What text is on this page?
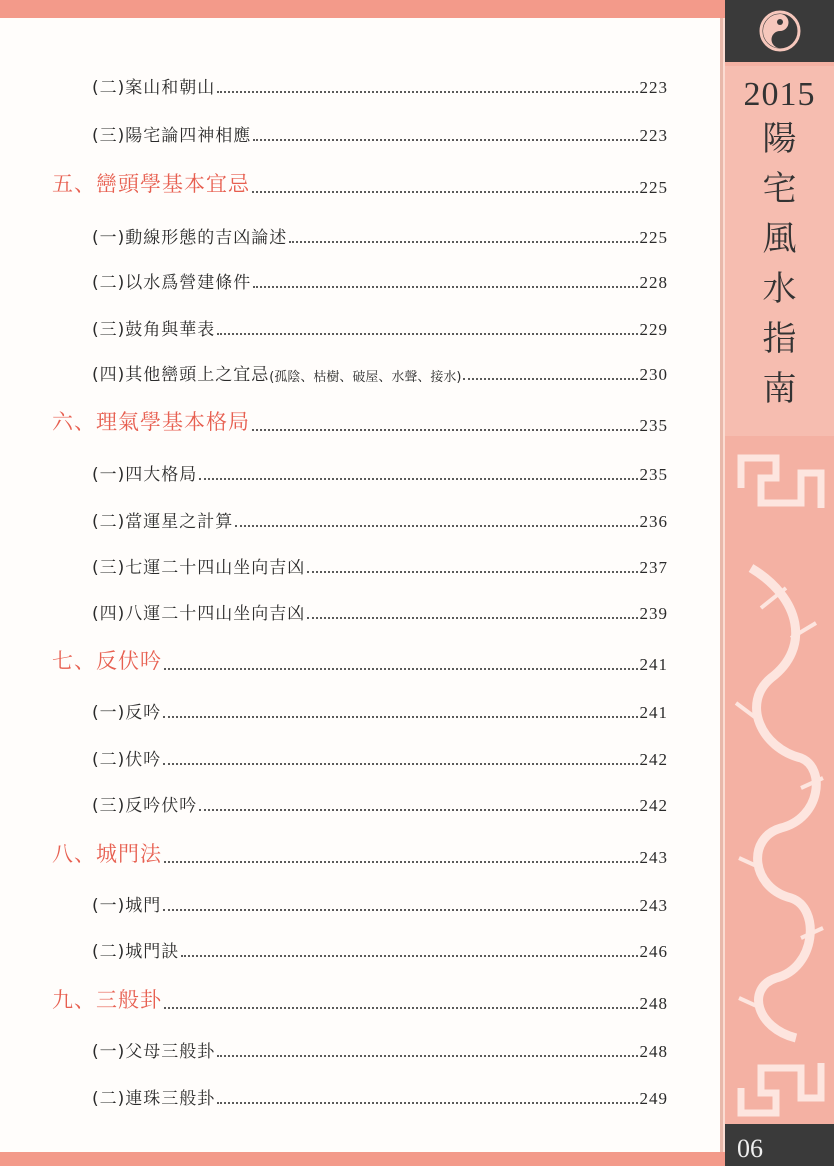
(二)案山和朝山	223
(三)陽宅論四神相應	223
五、巒頭學基本宜忌	225
(一)動線形態的吉凶論述	225
(二)以水爲營建條件	228
(三)鼓角與華表	229
(四)其他巒頭上之宜忌 (孤陰、枯樹、破屋、水聲、接水)	230
六、理氣學基本格局	235
(一)四大格局	235
(二)當運星之計算	236
(三)七運二十四山坐向吉凶	237
(四)八運二十四山坐向吉凶	239
七、反伏吟	241
(一)反吟	241
(二)伏吟	242
(三)反吟伏吟	242
八、城門法	243
(一)城門	243
(二)城門訣	246
九、三般卦	248
(一)父母三般卦	248
(二)連珠三般卦	249
2015
陽
宅
風
水
指
南
06
